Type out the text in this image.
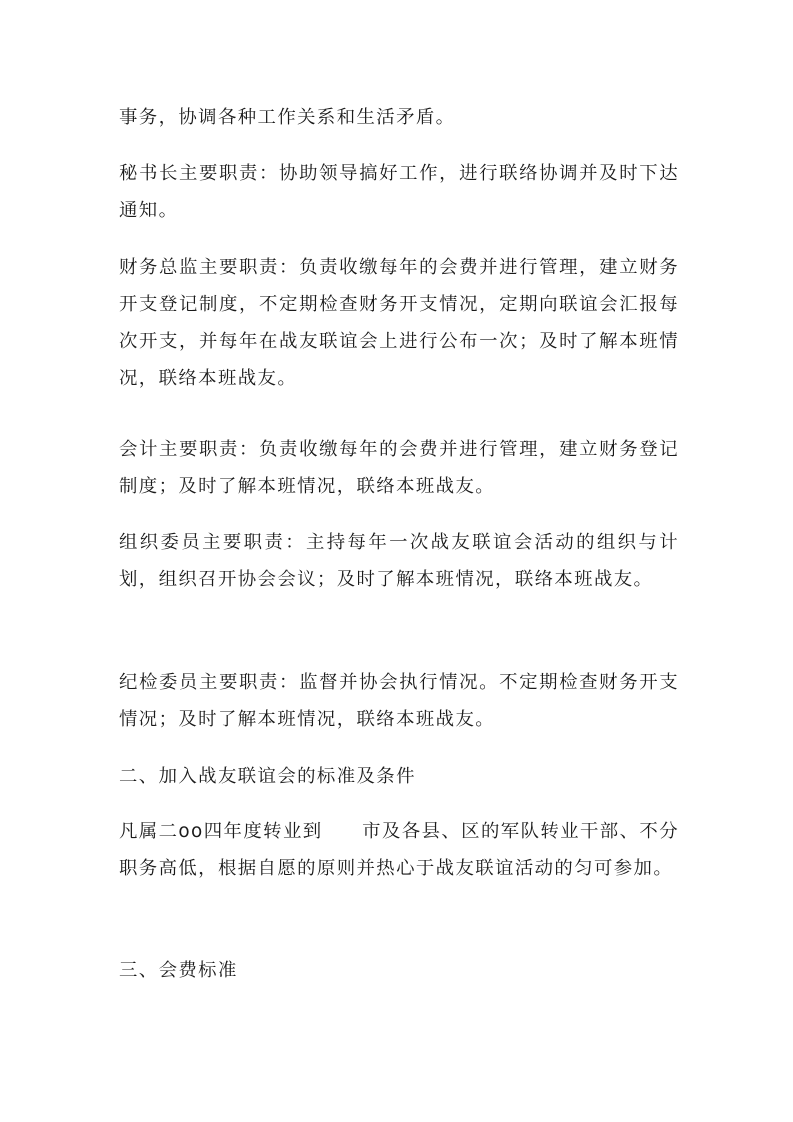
事务，协调各种工作关系和生活矛盾。

秘书长主要职责：协助领导搞好工作，进行联络协调并及时下达通知。

财务总监主要职责：负责收缴每年的会费并进行管理，建立财务开支登记制度，不定期检查财务开支情况，定期向联谊会汇报每次开支，并每年在战友联谊会上进行公布一次；及时了解本班情况，联络本班战友。

会计主要职责：负责收缴每年的会费并进行管理，建立财务登记制度；及时了解本班情况，联络本班战友。

组织委员主要职责：主持每年一次战友联谊会活动的组织与计划，组织召开协会会议；及时了解本班情况，联络本班战友。

纪检委员主要职责：监督并协会执行情况。不定期检查财务开支情况；及时了解本班情况，联络本班战友。

二、加入战友联谊会的标准及条件

凡属二oo四年度转业到　　市及各县、区的军队转业干部、不分职务高低，根据自愿的原则并热心于战友联谊活动的匀可参加。

三、会费标准
